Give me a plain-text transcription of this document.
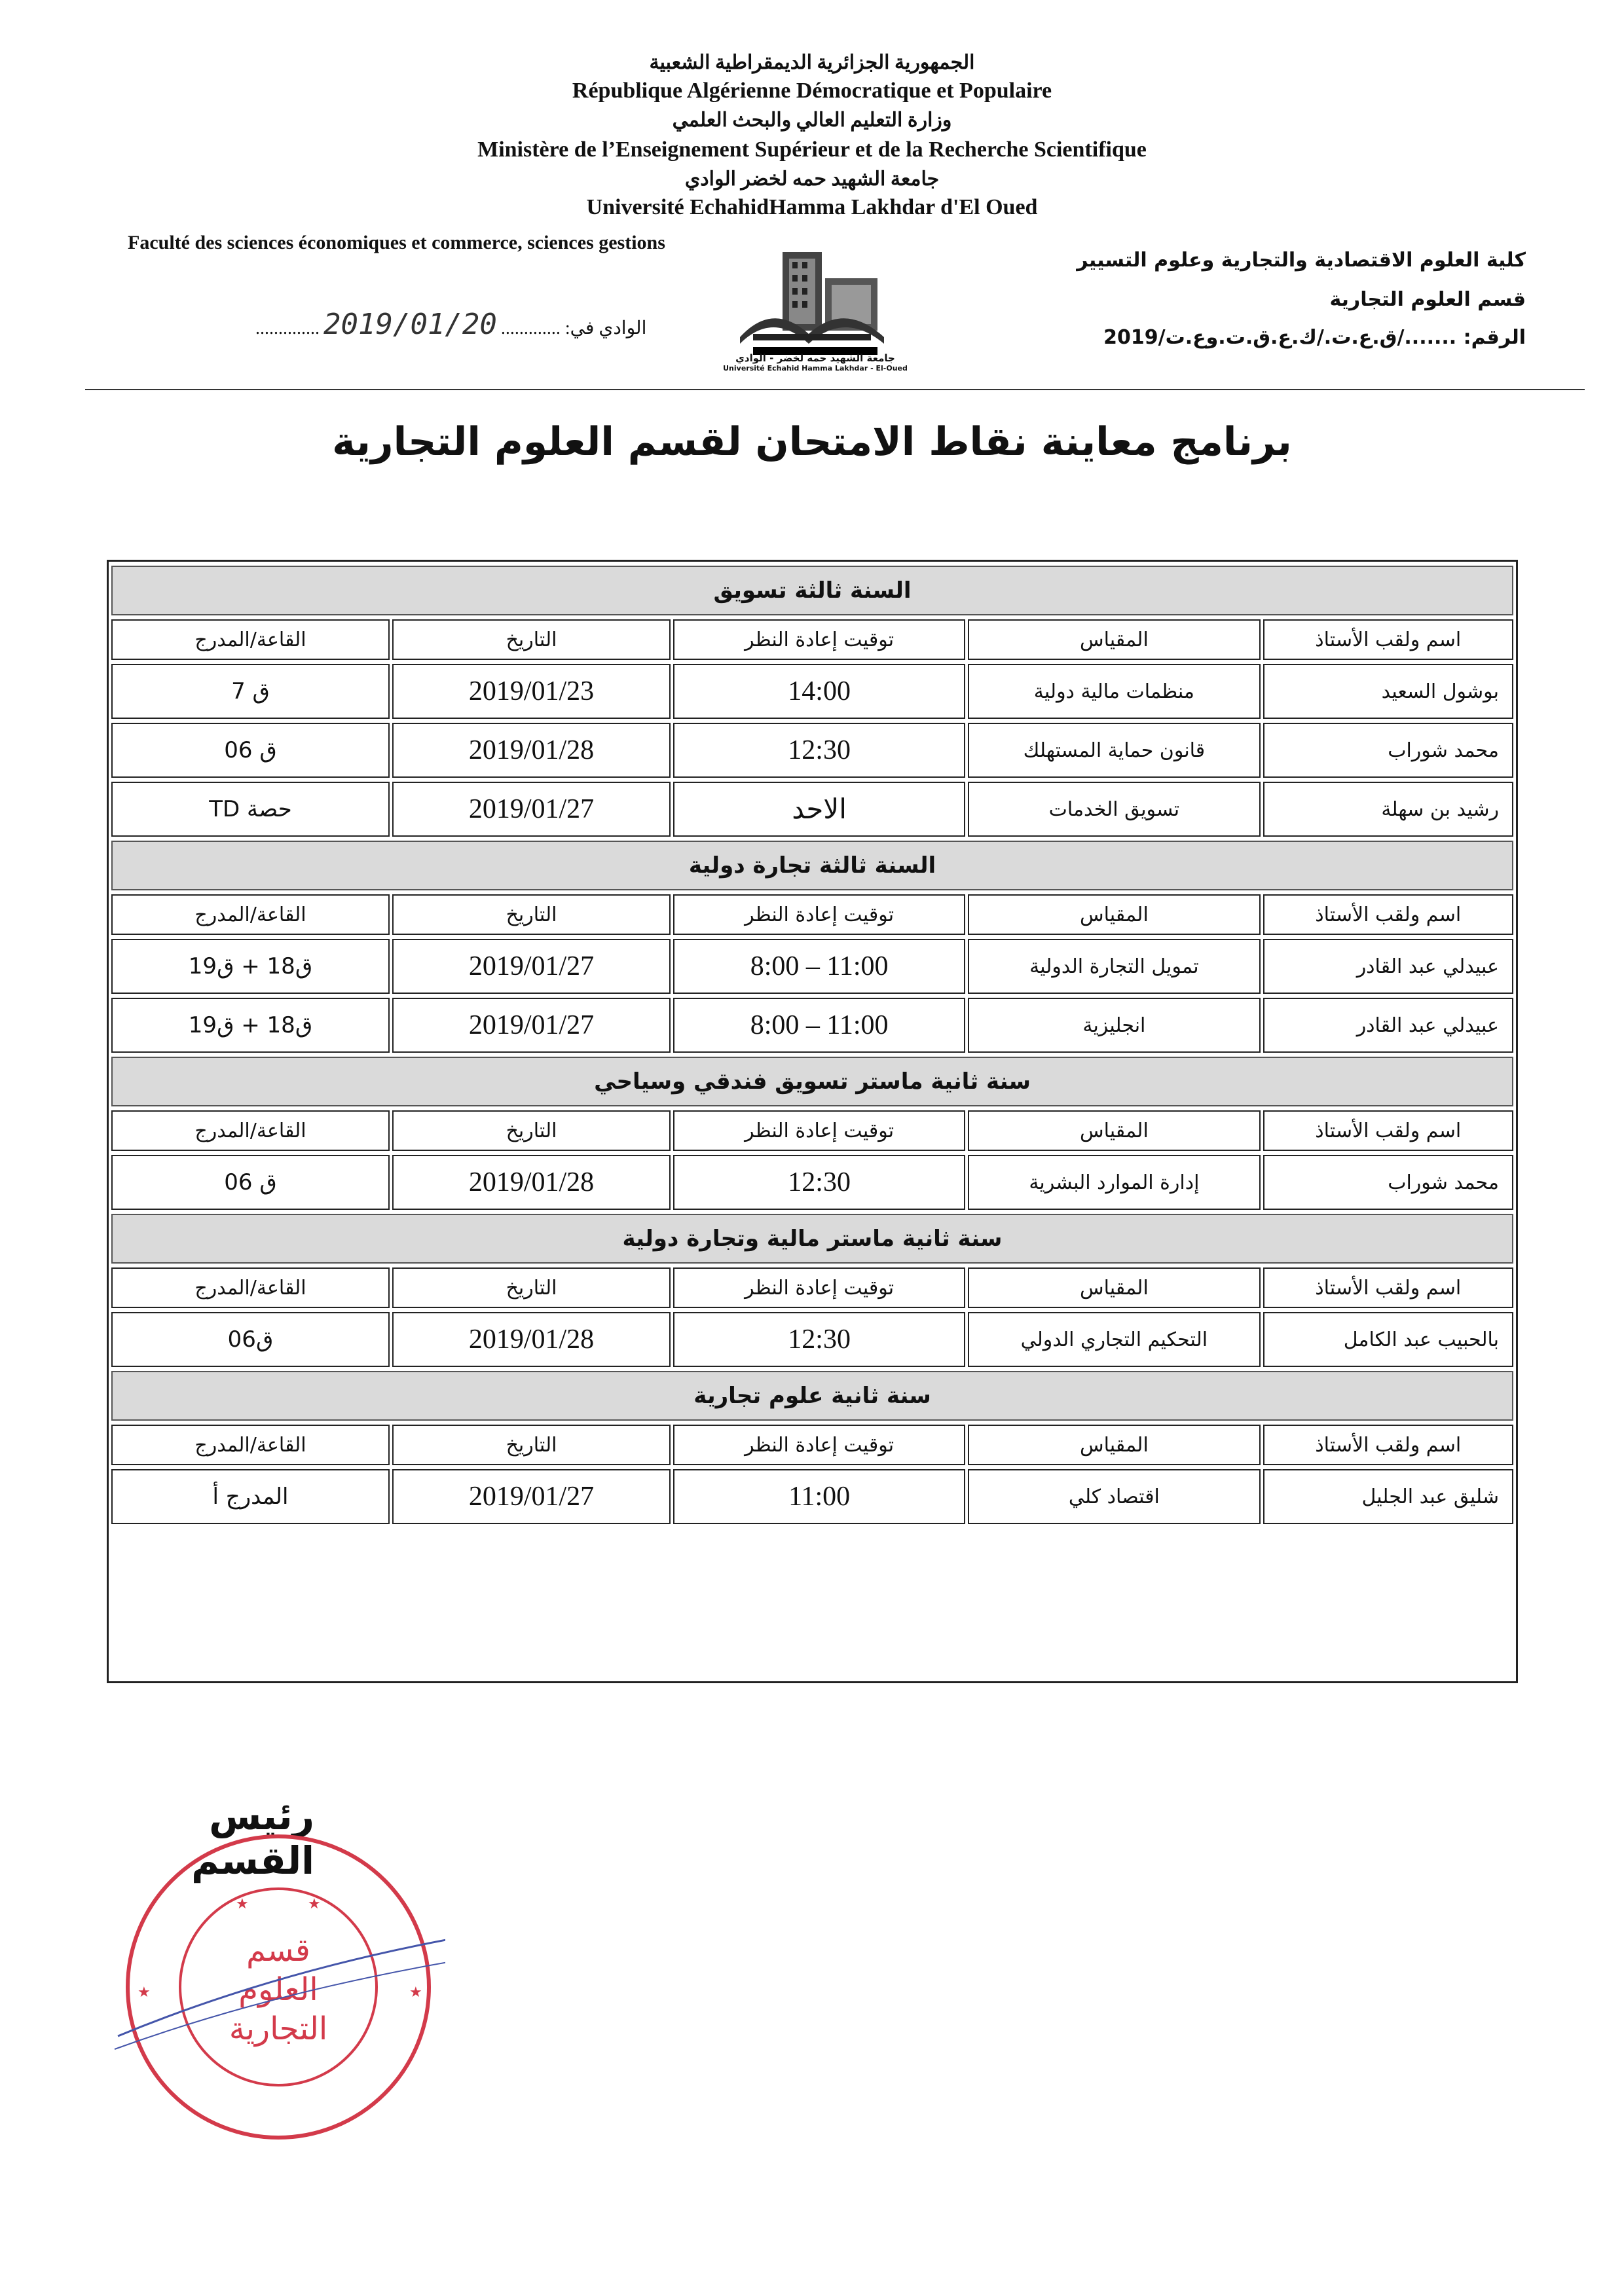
الجمهورية الجزائرية الديمقراطية الشعبية
République Algérienne Démocratique et Populaire
وزارة التعليم العالي والبحث العلمي
Ministère de l’Enseignement Supérieur et de la Recherche Scientifique
جامعة الشهيد حمه لخضر الوادي
Université EchahidHamma Lakhdar d'El Oued
Faculté des sciences économiques et commerce, sciences gestions
كلية العلوم الاقتصادية والتجارية وعلوم التسيير
قسم العلوم التجارية
الرقم: ......./ق.ع.ت./ك.ع.ق.ت.وع.ت/2019
الوادي في: .............2019/01/20..............
جامعة الشهيد حمه لخضر - الوادي
Université Echahid Hamma Lakhdar - El-Oued
برنامج معاينة نقاط الامتحان لقسم العلوم التجارية
السنة ثالثة تسويق				
اسم ولقب الأستاذ	المقياس	توقيت إعادة النظر	التاريخ	القاعة/المدرج
بوشول السعيد	منظمات مالية دولية	14:00	2019/01/23	ق 7
محمد شوراب	قانون حماية المستهلك	12:30	2019/01/28	ق 06
رشيد بن سهلة	تسويق الخدمات	الاحد	2019/01/27	حصة TD
السنة ثالثة تجارة دولية				
اسم ولقب الأستاذ	المقياس	توقيت إعادة النظر	التاريخ	القاعة/المدرج
عبيدلي عبد القادر	تمويل التجارة الدولية	8:00 – 11:00	2019/01/27	ق18 + ق19
عبيدلي عبد القادر	انجليزية	8:00 – 11:00	2019/01/27	ق18 + ق19
سنة ثانية ماستر تسويق فندقي وسياحي				
اسم ولقب الأستاذ	المقياس	توقيت إعادة النظر	التاريخ	القاعة/المدرج
محمد شوراب	إدارة الموارد البشرية	12:30	2019/01/28	ق 06
سنة ثانية ماستر مالية وتجارة دولية				
اسم ولقب الأستاذ	المقياس	توقيت إعادة النظر	التاريخ	القاعة/المدرج
بالحبيب عبد الكامل	التحكيم التجاري الدولي	12:30	2019/01/28	ق06
سنة ثانية علوم تجارية				
اسم ولقب الأستاذ	المقياس	توقيت إعادة النظر	التاريخ	القاعة/المدرج
شليق عبد الجليل	اقتصاد كلي	11:00	2019/01/27	المدرج أ
رئيس القسم
★	★
★	★
قسم
العلوم
التجارية
